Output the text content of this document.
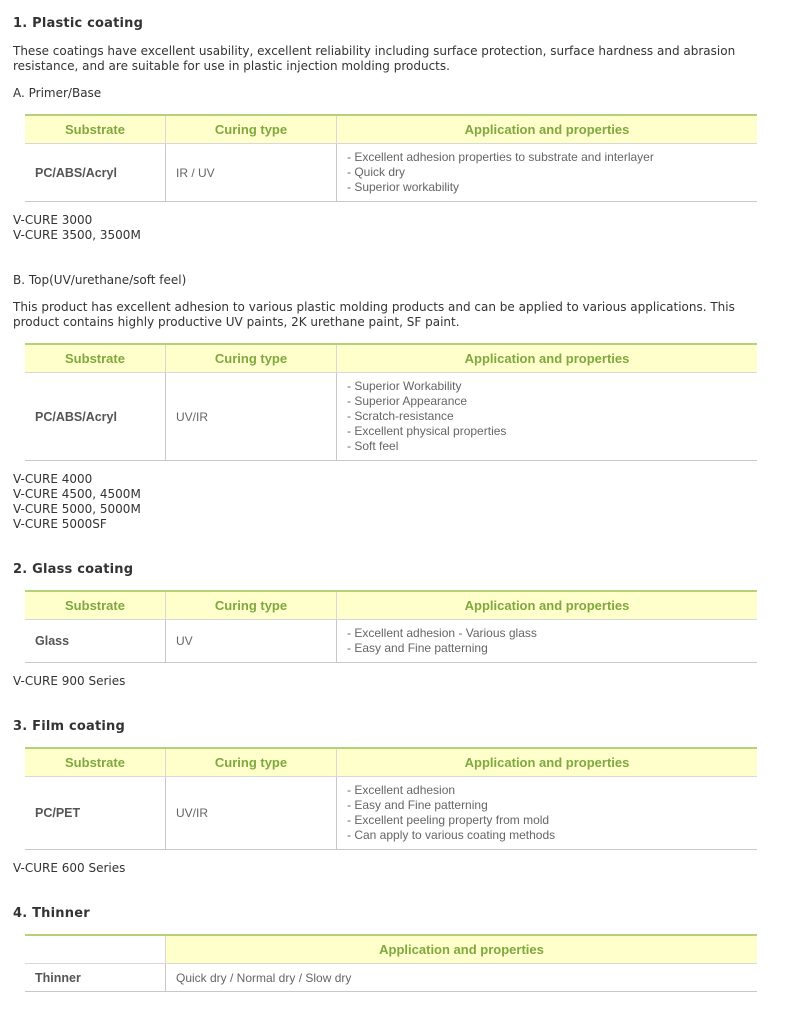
1. Plastic coating
These coatings have excellent usability, excellent reliability including surface protection, surface hardness and abrasion resistance, and are suitable for use in plastic injection molding products.
A. Primer/Base
Substrate	Curing type	Application and properties
PC/ABS/Acryl	IR / UV	- Excellent adhesion properties to substrate and interlayer
- Quick dry
- Superior workability
V-CURE 3000
V-CURE 3500, 3500M
B. Top(UV/urethane/soft feel)
This product has excellent adhesion to various plastic molding products and can be applied to various applications. This product contains highly productive UV paints, 2K urethane paint, SF paint.
Substrate	Curing type	Application and properties
PC/ABS/Acryl	UV/IR	- Superior Workability
- Superior Appearance
- Scratch-resistance
- Excellent physical properties
- Soft feel
V-CURE 4000
V-CURE 4500, 4500M
V-CURE 5000, 5000M
V-CURE 5000SF
2. Glass coating
Substrate	Curing type	Application and properties
Glass	UV	- Excellent adhesion - Various glass
- Easy and Fine patterning
V-CURE 900 Series
3. Film coating
Substrate	Curing type	Application and properties
PC/PET	UV/IR	- Excellent adhesion
- Easy and Fine patterning
- Excellent peeling property from mold
- Can apply to various coating methods
V-CURE 600 Series
4. Thinner
	Application and properties
Thinner	Quick dry / Normal dry / Slow dry
